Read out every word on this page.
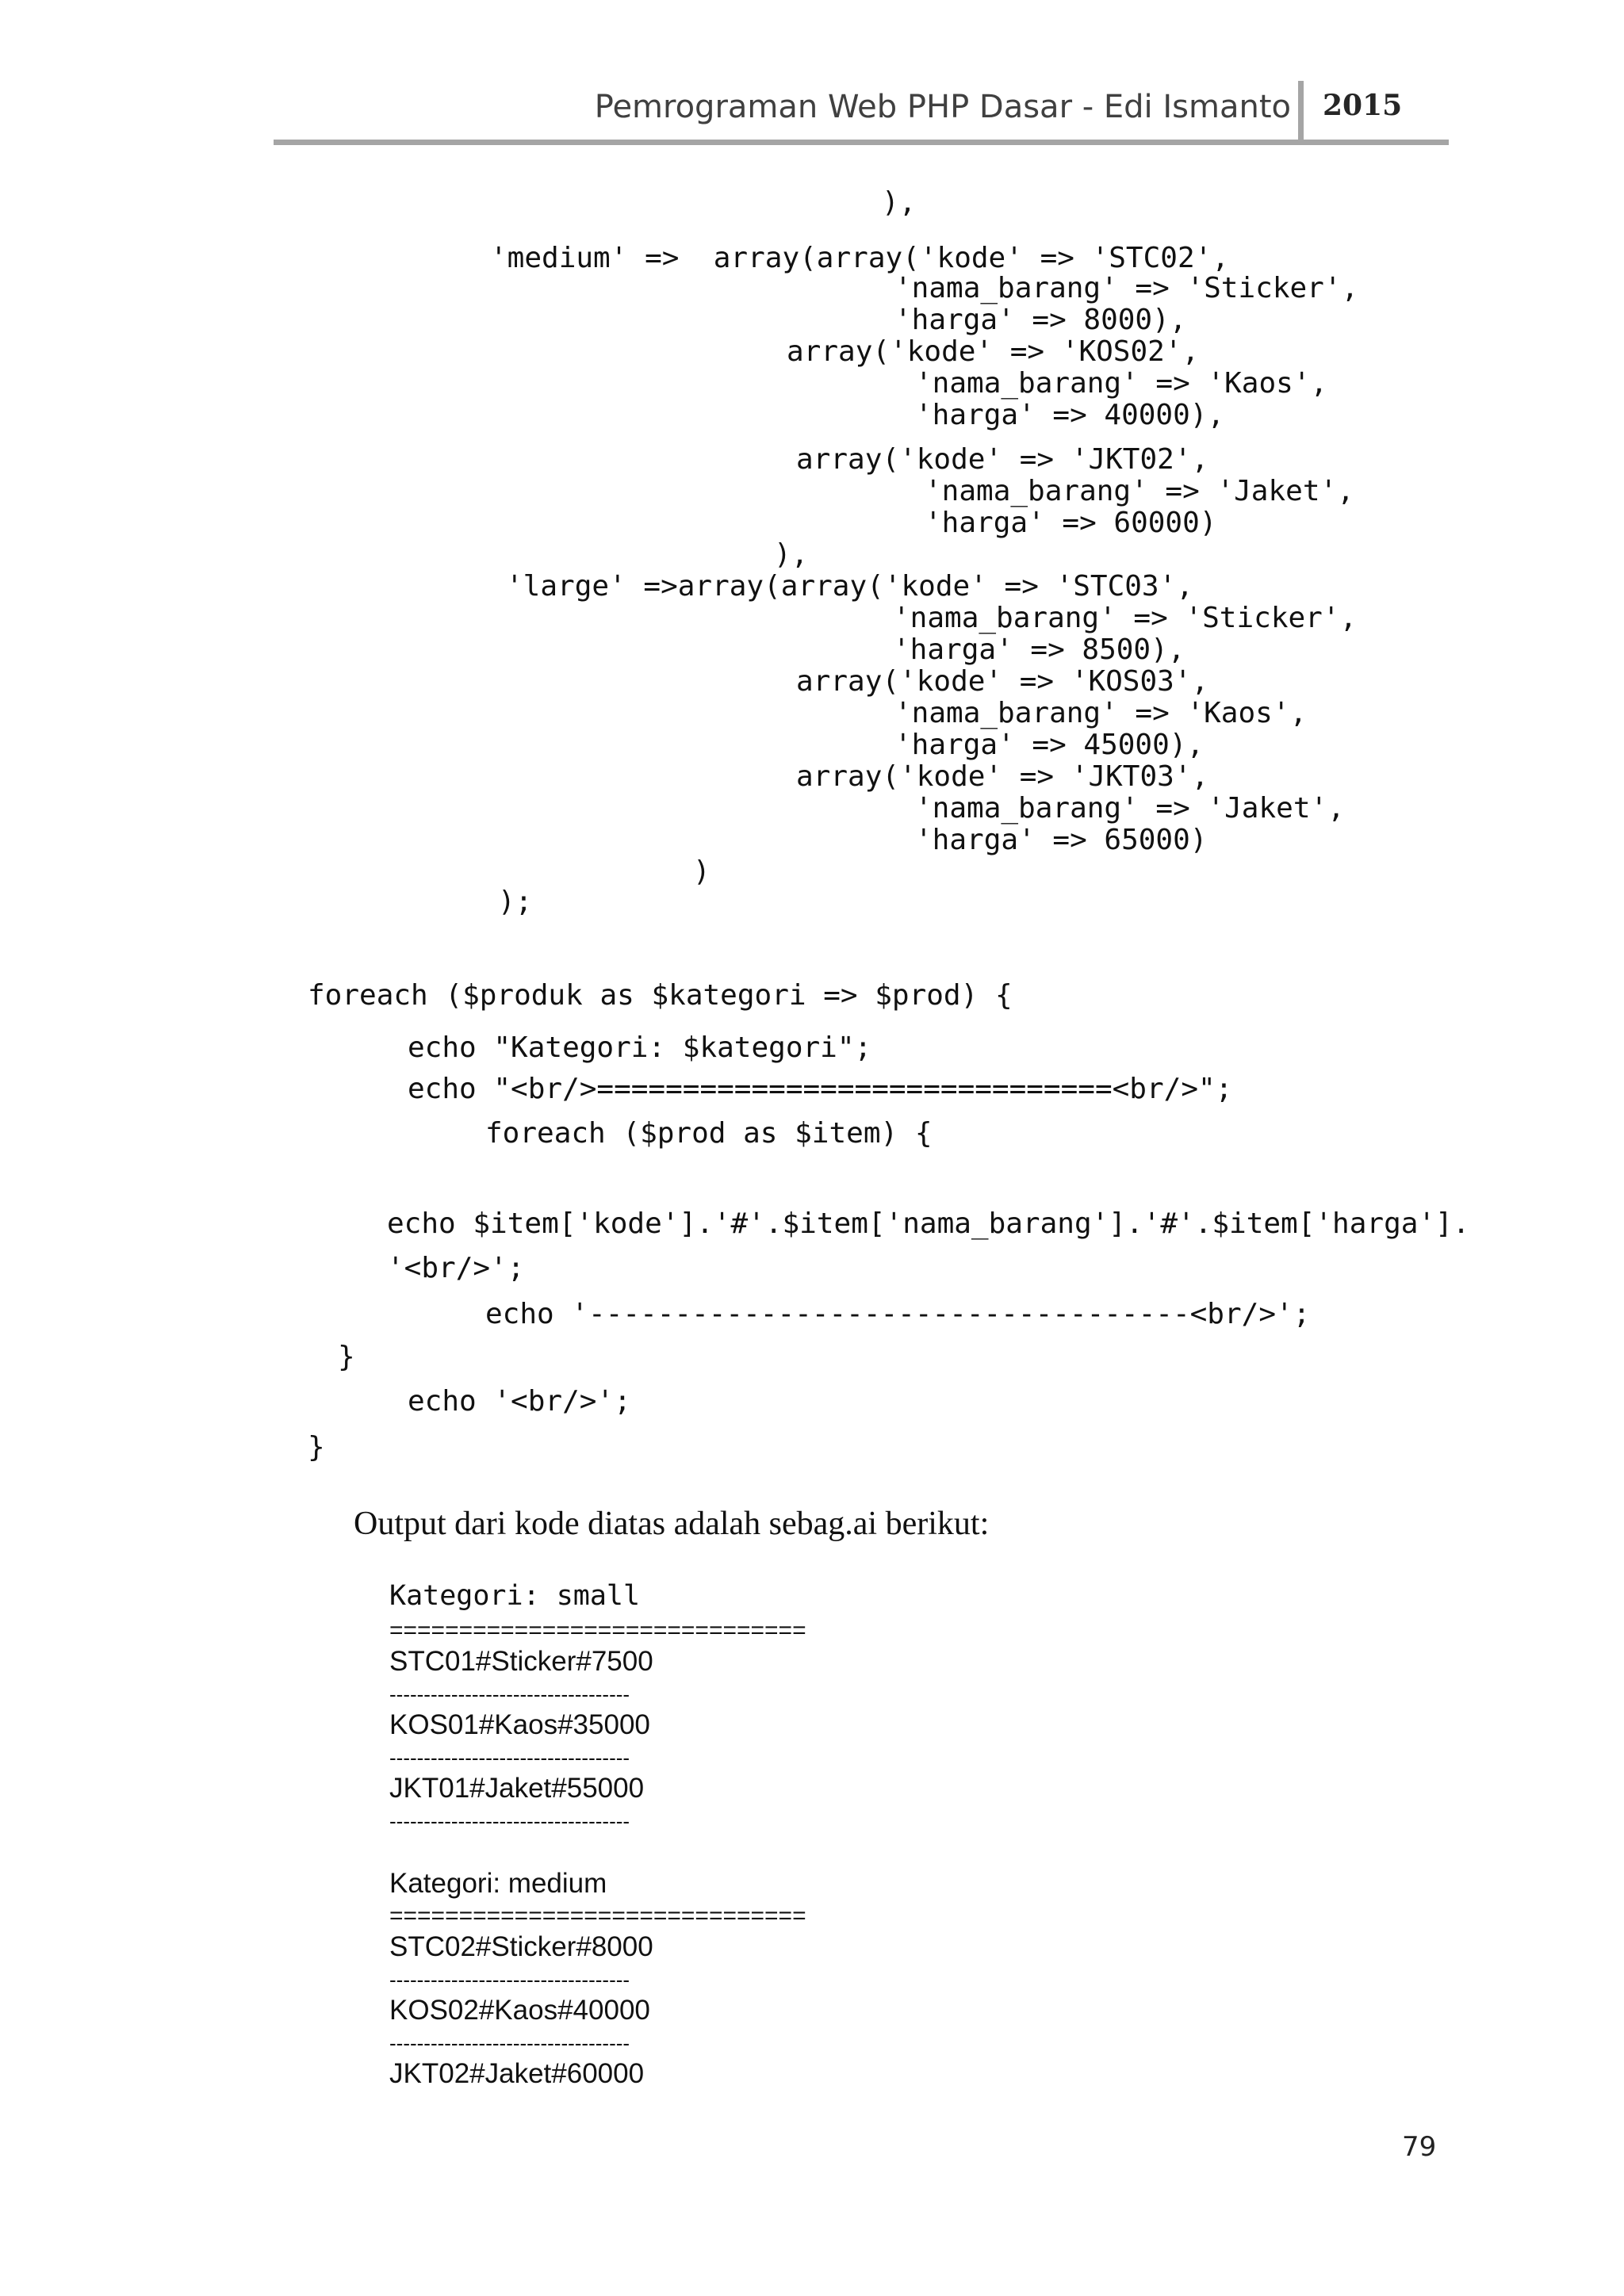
Pemrograman Web PHP Dasar - Edi Ismanto 2015
),
'medium' =>  array(array('kode' => 'STC02',
'nama_barang' => 'Sticker',
'harga' => 8000),
array('kode' => 'KOS02',
'nama_barang' => 'Kaos',
'harga' => 40000),
array('kode' => 'JKT02',
'nama_barang' => 'Jaket',
'harga' => 60000)
),
'large' =>array(array('kode' => 'STC03',
'nama_barang' => 'Sticker',
'harga' => 8500),
array('kode' => 'KOS03',
'nama_barang' => 'Kaos',
'harga' => 45000),
array('kode' => 'JKT03',
'nama_barang' => 'Jaket',
'harga' => 65000)
)
);
foreach ($produk as $kategori => $prod) {
echo "Kategori: $kategori";
echo "<br/>==============================<br/>";
foreach ($prod as $item) {
echo $item['kode'].'#'.$item['nama_barang'].'#'.$item['harga'].
'<br/>';
echo '-----------------------------------<br/>';
}
echo '<br/>';
}
Output dari kode diatas adalah sebag.ai berikut:
Kategori: small
==============================
STC01#Sticker#7500
-----------------------------------
KOS01#Kaos#35000
-----------------------------------
JKT01#Jaket#55000
-----------------------------------
Kategori: medium
==============================
STC02#Sticker#8000
-----------------------------------
KOS02#Kaos#40000
-----------------------------------
JKT02#Jaket#60000
79
